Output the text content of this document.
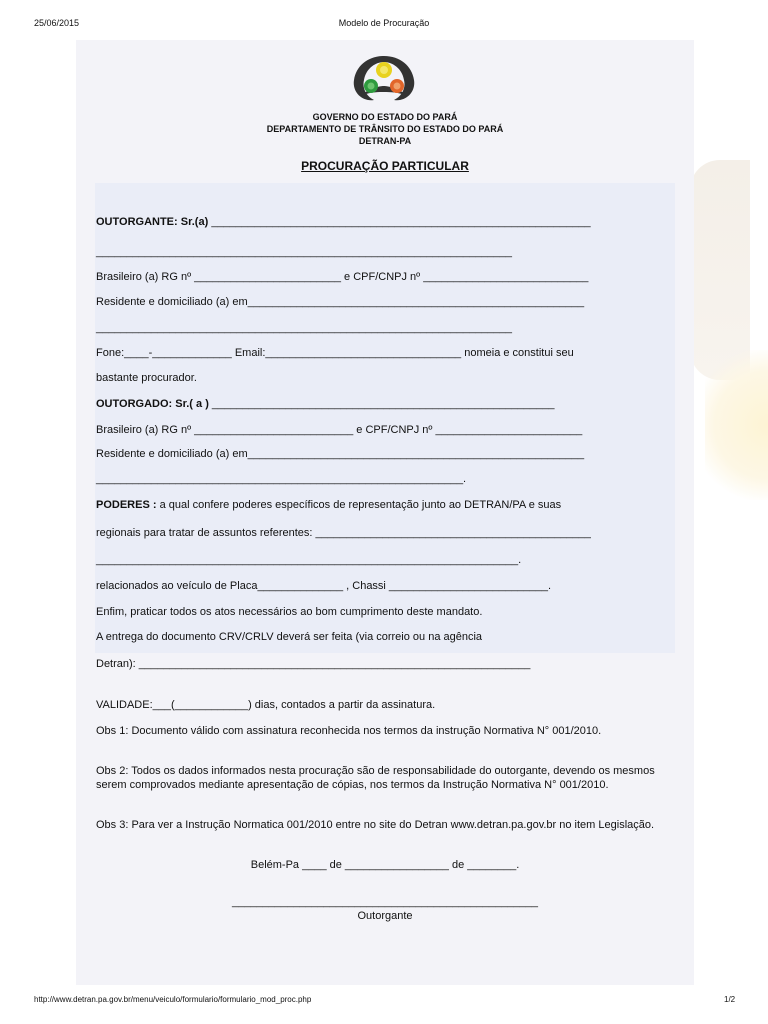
25/06/2015	Modelo de Procuração
GOVERNO DO ESTADO DO PARÁ
DEPARTAMENTO DE TRÂNSITO DO ESTADO DO PARÁ
DETRAN-PA
PROCURAÇÃO PARTICULAR
OUTORGANTE: Sr.(a) ______________________________________________________________
____________________________________________________________________
Brasileiro (a) RG nº ________________________ e CPF/CNPJ nº ___________________________
Residente e domiciliado (a) em_______________________________________________________
____________________________________________________________________
Fone:____-_____________ Email:________________________________ nomeia e constitui seu
bastante procurador.
OUTORGADO: Sr.( a ) ________________________________________________________
Brasileiro (a) RG nº __________________________ e CPF/CNPJ nº ________________________
Residente e domiciliado (a) em_______________________________________________________
____________________________________________________________.
PODERES : a qual confere poderes específicos de representação junto ao DETRAN/PA e suas
regionais para tratar de assuntos referentes: _____________________________________________
_____________________________________________________________________.
relacionados ao veículo de Placa______________ , Chassi __________________________.
Enfim, praticar todos os atos necessários ao bom cumprimento deste mandato.
A entrega do documento CRV/CRLV deverá ser feita (via correio ou na agência
Detran): ________________________________________________________________
VALIDADE:___(____________) dias, contados a partir da assinatura.
Obs 1: Documento válido com assinatura reconhecida nos termos da instrução Normativa N° 001/2010.
Obs 2: Todos os dados informados nesta procuração são de responsabilidade do outorgante, devendo os mesmos serem comprovados mediante apresentação de cópias, nos termos da Instrução Normativa N° 001/2010.
Obs 3: Para ver a Instrução Normatica 001/2010 entre no site do Detran www.detran.pa.gov.br no item Legislação.
Belém-Pa ____ de _________________ de ________.
__________________________________________________
Outorgante
http://www.detran.pa.gov.br/menu/veiculo/formulario/formulario_mod_proc.php	1/2
